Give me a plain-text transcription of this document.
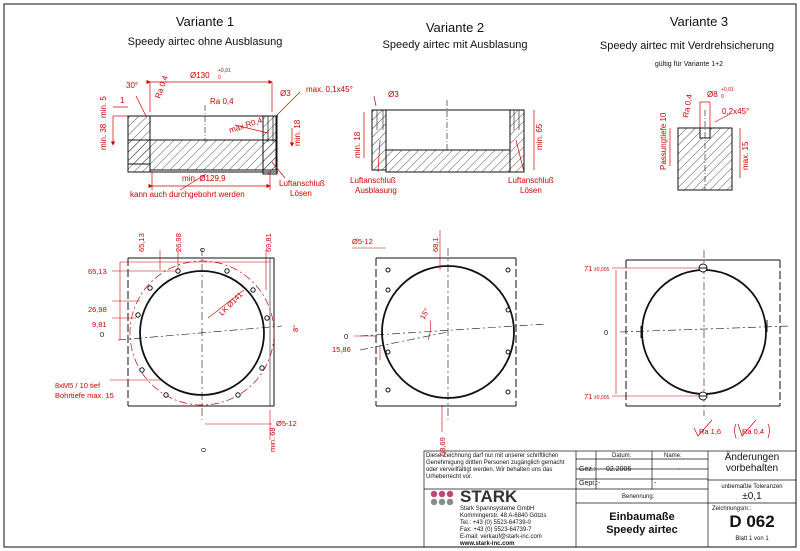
Ø130 +0,01
0
30°
1	Ra 0,4
Ø3 max. 0,1x45°
max R0,4
min. 5
min. 38	min. 18
Ra 0,4
min. Ø129,9
kann auch durchgebohrt werden
Luftanschluß
Lösen
Ø3
min. 18	min. 65
Luftanschluß
Ausblasung
Luftanschluß
Lösen
Ø8 +0,01
0
Ra 0,4	0,2x45°
Passungtiefe 10	max. 15
65,13
26,98
9,81
0
65,13	26,98 0	69,81
LK Ø141
8°
8xM5 / 10 tief
Bohrtiefe max. 15
Ø5-12
0	min. 68
Ø5-12	68,1
0
15,86
15°
68,69
71 ±0,005
0
71 ±0,005
Ra 1,6	Ra 0,4
Variante 1
Speedy airtec ohne Ausblasung
Variante 2
Speedy airtec mit Ausblasung
Variante 3
Speedy airtec mit Verdrehsicherung
gültig für Variante 1+2
Diese Zeichnung darf nur mit unserer schriftlichen Genehmigung dritten Personen zugänglich gemacht oder verveilfältigt werden. Wir behalten uns das Urheberrecht vor.
STARK
Stark Spannsysteme GmbH
Kommingerstr. 48 A-6840 Götzis
Tel.: +43 (0) 5523-64739-0
Fax: +43 (0) 5523-64739-7
E-mail: verkauf@stark-inc.com
www.stark-inc.com
Datum:	Name:
Gez.: 02.2006	-
Gepr.: -	-
Benennung:
Einbaumaße
Speedy airtec
Änderungen
vorbehalten
unbemaßte Toleranzen
±0,1
Zeichnungsnr.:
D 062
Blatt 1 von 1
